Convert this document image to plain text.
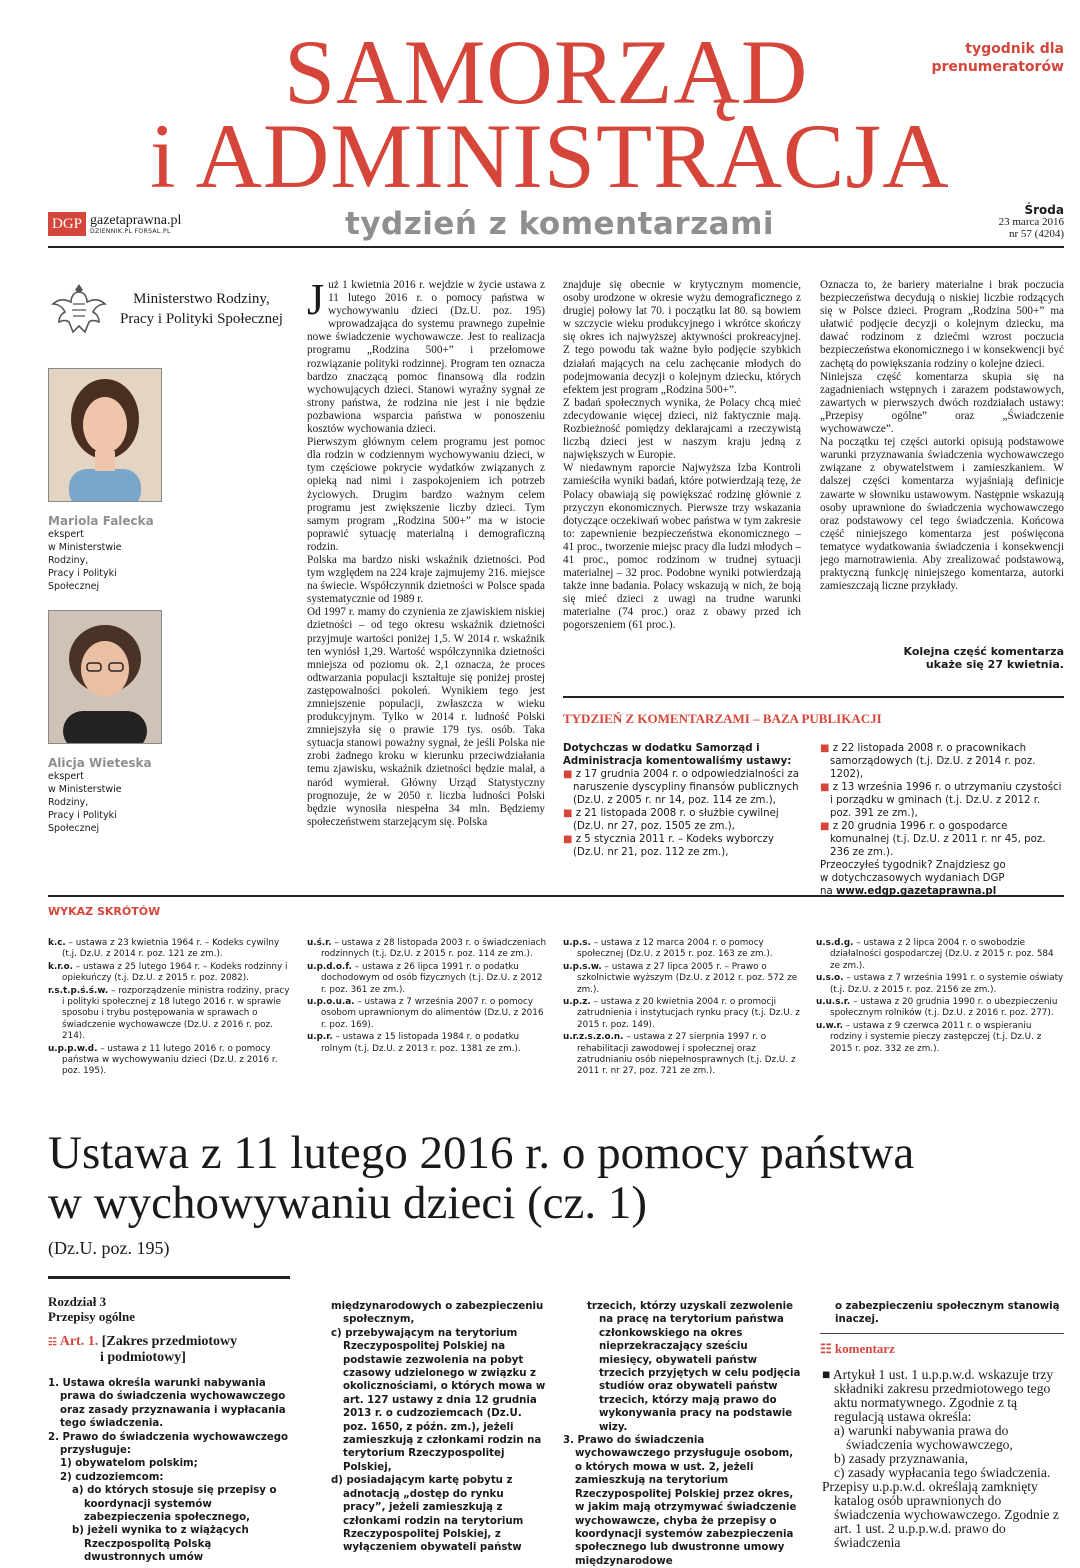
SAMORZĄD
i ADMINISTRACJA
tydzień z komentarzami
tygodnik dla
prenumeratorów
DGP gazetaprawna.pl
DZIENNIK.PL FORSAL.PL
Środa
23 marca 2016
nr 57 (4204)
Ministerstwo Rodziny,
Pracy i Polityki Społecznej
Mariola Falecka
ekspert
w Ministerstwie
Rodziny,
Pracy i Polityki
Społecznej
Alicja Wieteska
ekspert
w Ministerstwie
Rodziny,
Pracy i Polityki
Społecznej

Już 1 kwietnia 2016 r. wejdzie w życie ustawa z 11 lutego 2016 r. o pomocy państwa w wychowywaniu dzieci (Dz.U. poz. 195) wprowadzająca do systemu prawnego zupełnie nowe świadczenie wychowawcze. Jest to realizacja programu „Rodzina 500+” i przełomowe rozwiązanie polityki rodzinnej. Program ten oznacza bardzo znaczącą pomoc finansową dla rodzin wychowujących dzieci. Stanowi wyraźny sygnał ze strony państwa, że rodzina nie jest i nie będzie pozbawiona wsparcia państwa w ponoszeniu kosztów wychowania dzieci.

Pierwszym głównym celem programu jest pomoc dla rodzin w codziennym wychowywaniu dzieci, w tym częściowe pokrycie wydatków związanych z opieką nad nimi i zaspokojeniem ich potrzeb życiowych. Drugim bardzo ważnym celem programu jest zwiększenie liczby dzieci. Tym samym program „Rodzina 500+” ma w istocie poprawić sytuację materialną i demograficzną rodzin.

Polska ma bardzo niski wskaźnik dzietności. Pod tym względem na 224 kraje zajmujemy 216. miejsce na świecie. Współczynnik dzietności w Polsce spada systematycznie od 1989 r.

Od 1997 r. mamy do czynienia ze zjawiskiem niskiej dzietności – od tego okresu wskaźnik dzietności przyjmuje wartości poniżej 1,5. W 2014 r. wskaźnik ten wyniósł 1,29. Wartość współczynnika dzietności mniejsza od poziomu ok. 2,1 oznacza, że proces odtwarzania populacji kształtuje się poniżej prostej zastępowalności pokoleń. Wynikiem tego jest zmniejszenie populacji, zwłaszcza w wieku produkcyjnym. Tylko w 2014 r. ludność Polski zmniejszyła się o prawie 179 tys. osób. Taka sytuacja stanowi poważny sygnał, że jeśli Polska nie zrobi żadnego kroku w kierunku przeciwdziałania temu zjawisku, wskaźnik dzietności będzie malał, a naród wymierał. Główny Urząd Statystyczny prognozuje, że w 2050 r. liczba ludności Polski będzie wynosiła niespełna 34 mln. Będziemy społeczeństwem starzejącym się. Polska

znajduje się obecnie w krytycznym momencie, osoby urodzone w okresie wyżu demograficznego z drugiej połowy lat 70. i początku lat 80. są bowiem w szczycie wieku produkcyjnego i wkrótce skończy się okres ich najwyższej aktywności prokreacyjnej. Z tego powodu tak ważne było podjęcie szybkich działań mających na celu zachęcanie młodych do podejmowania decyzji o kolejnym dziecku, których efektem jest program „Rodzina 500+”.

Z badań społecznych wynika, że Polacy chcą mieć zdecydowanie więcej dzieci, niż faktycznie mają. Rozbieżność pomiędzy deklarajcami a rzeczywistą liczbą dzieci jest w naszym kraju jedną z największych w Europie.

W niedawnym raporcie Najwyższa Izba Kontroli zamieściła wyniki badań, które potwierdzają tezę, że Polacy obawiają się powiększać rodzinę głównie z przyczyn ekonomicznych. Pierwsze trzy wskazania dotyczące oczekiwań wobec państwa w tym zakresie to: zapewnienie bezpieczeństwa ekonomicznego – 41 proc., tworzenie miejsc pracy dla ludzi młodych – 41 proc., pomoc rodzinom w trudnej sytuacji materialnej – 32 proc. Podobne wyniki potwierdzają także inne badania. Polacy wskazują w nich, że boją się mieć dzieci z uwagi na trudne warunki materialne (74 proc.) oraz z obawy przed ich pogorszeniem (61 proc.).

Oznacza to, że bariery materialne i brak poczucia bezpieczeństwa decydują o niskiej liczbie rodzących się w Polsce dzieci. Program „Rodzina 500+” ma ułatwić podjęcie decyzji o kolejnym dziecku, ma dawać rodzinom z dziećmi wzrost poczucia bezpieczeństwa ekonomicznego i w konsekwencji być zachętą do powiększania rodziny o kolejne dzieci.

Niniejsza część komentarza skupia się na zagadnieniach wstępnych i zarazem podstawowych, zawartych w pierwszych dwóch rozdziałach ustawy: „Przepisy ogólne” oraz „Świadczenie wychowawcze”.

Na początku tej części autorki opisują podstawowe warunki przyznawania świadczenia wychowawczego związane z obywatelstwem i zamieszkaniem. W dalszej części komentarza wyjaśniają definicje zawarte w słowniku ustawowym. Następnie wskazują osoby uprawnione do świadczenia wychowawczego oraz podstawowy cel tego świadczenia. Końcowa część niniejszego komentarza jest poświęcona tematyce wydatkowania świadczenia i konsekwencji jego marnotrawienia. Aby zrealizować podstawową, praktyczną funkcję niniejszego komentarza, autorki zamieszczają liczne przykłady.

Kolejna część komentarza
ukaże się 27 kwietnia.
TYDZIEŃ Z KOMENTARZAMI – BAZA PUBLIKACJI
Dotychczas w dodatku Samorząd i Administracja komentowaliśmy ustawy:
■ z 17 grudnia 2004 r. o odpowiedzialności za naruszenie dyscypliny finansów publicznych (Dz.U. z 2005 r. nr 14, poz. 114 ze zm.),
■ z 21 listopada 2008 r. o służbie cywilnej (Dz.U. nr 27, poz. 1505 ze zm.),
■ z 5 stycznia 2011 r. – Kodeks wyborczy (Dz.U. nr 21, poz. 112 ze zm.),
■ z 22 listopada 2008 r. o pracownikach samorządowych (t.j. Dz.U. z 2014 r. poz. 1202),
■ z 13 września 1996 r. o utrzymaniu czystości i porządku w gminach (t.j. Dz.U. z 2012 r. poz. 391 ze zm.),
■ z 20 grudnia 1996 r. o gospodarce komunalnej (t.j. Dz.U. z 2011 r. nr 45, poz. 236 ze zm.).
Przeoczyłeś tygodnik? Znajdziesz go
w dotychczasowych wydaniach DGP
na www.edgp.gazetaprawna.pl
WYKAZ SKRÓTÓW
k.c. – ustawa z 23 kwietnia 1964 r. – Kodeks cywilny (t.j. Dz.U. z 2014 r. poz. 121 ze zm.).
k.r.o. – ustawa z 25 lutego 1964 r. – Kodeks rodzinny i opiekuńczy (t.j. Dz.U. z 2015 r. poz. 2082).
r.s.t.p.ś.ś.w. – rozporządzenie ministra rodziny, pracy i polityki społecznej z 18 lutego 2016 r. w sprawie sposobu i trybu postępowania w sprawach o świadczenie wychowawcze (Dz.U. z 2016 r. poz. 214).
u.p.p.w.d. – ustawa z 11 lutego 2016 r. o pomocy państwa w wychowywaniu dzieci (Dz.U. z 2016 r. poz. 195).
u.ś.r. – ustawa z 28 listopada 2003 r. o świadczeniach rodzinnych (t.j. Dz.U. z 2015 r. poz. 114 ze zm.).
u.p.d.o.f. – ustawa z 26 lipca 1991 r. o podatku dochodowym od osób fizycznych (t.j. Dz.U. z 2012 r. poz. 361 ze zm.).
u.p.o.u.a. – ustawa z 7 września 2007 r. o pomocy osobom uprawnionym do alimentów (Dz.U. z 2016 r. poz. 169).
u.p.r. – ustawa z 15 listopada 1984 r. o podatku rolnym (t.j. Dz.U. z 2013 r. poz. 1381 ze zm.).
u.p.s. – ustawa z 12 marca 2004 r. o pomocy społecznej (Dz.U. z 2015 r. poz. 163 ze zm.).
u.p.s.w. – ustawa z 27 lipca 2005 r. – Prawo o szkolnictwie wyższym (Dz.U. z 2012 r. poz. 572 ze zm.).
u.p.z. – ustawa z 20 kwietnia 2004 r. o promocji zatrudnienia i instytucjach rynku pracy (t.j. Dz.U. z 2015 r. poz. 149).
u.r.z.s.z.o.n. – ustawa z 27 sierpnia 1997 r. o rehabilitacji zawodowej i społecznej oraz zatrudnianiu osób niepełnosprawnych (t.j. Dz.U. z 2011 r. nr 27, poz. 721 ze zm.).
u.s.d.g. – ustawa z 2 lipca 2004 r. o swobodzie działalności gospodarczej (Dz.U. z 2015 r. poz. 584 ze zm.).
u.s.o. – ustawa z 7 września 1991 r. o systemie oświaty (t.j. Dz.U. z 2015 r. poz. 2156 ze zm.).
u.u.s.r. – ustawa z 20 grudnia 1990 r. o ubezpieczeniu społecznym rolników (t.j. Dz.U. z 2016 r. poz. 277).
u.w.r. – ustawa z 9 czerwca 2011 r. o wspieraniu rodziny i systemie pieczy zastępczej (t.j. Dz.U. z 2015 r. poz. 332 ze zm.).
Ustawa z 11 lutego 2016 r. o pomocy państwa
w wychowywaniu dzieci (cz. 1)
(Dz.U. poz. 195)
Rozdział 3
Przepisy ogólne
☷ Art. 1. [Zakres przedmiotowy
i podmiotowy]

1. Ustawa określa warunki nabywania prawa do świadczenia wychowawczego oraz zasady przyznawania i wypłacania tego świadczenia.

2. Prawo do świadczenia wychowawczego przysługuje:

1) obywatelom polskim;

2) cudzoziemcom:

a) do których stosuje się przepisy o koordynacji systemów zabezpieczenia społecznego,

b) jeżeli wynika to z wiążących Rzeczpospolitą Polską dwustronnych umów

międzynarodowych o zabezpieczeniu społecznym,

c) przebywającym na terytorium Rzeczypospolitej Polskiej na podstawie zezwolenia na pobyt czasowy udzielonego w związku z okolicznościami, o których mowa w art. 127 ustawy z dnia 12 grudnia 2013 r. o cudzoziemcach (Dz.U. poz. 1650, z późn. zm.), jeżeli zamieszkują z członkami rodzin na terytorium Rzeczypospolitej Polskiej,

d) posiadającym kartę pobytu z adnotacją „dostęp do rynku pracy”, jeżeli zamieszkują z członkami rodzin na terytorium Rzeczypospolitej Polskiej, z wyłączeniem obywateli państw

trzecich, którzy uzyskali zezwolenie na pracę na terytorium państwa członkowskiego na okres nieprzekraczający sześciu miesięcy, obywateli państw trzecich przyjętych w celu podjęcia studiów oraz obywateli państw trzecich, którzy mają prawo do wykonywania pracy na podstawie wizy.

3. Prawo do świadczenia wychowawczego przysługuje osobom, o których mowa w ust. 2, jeżeli zamieszkują na terytorium Rzeczypospolitej Polskiej przez okres, w jakim mają otrzymywać świadczenie wychowawcze, chyba że przepisy o koordynacji systemów zabezpieczenia społecznego lub dwustronne umowy międzynarodowe

o zabezpieczeniu społecznym stanowią inaczej.

☷ komentarz
■ Artykuł 1 ust. 1 u.p.p.w.d. wskazuje trzy składniki zakresu przedmiotowego tego aktu normatywnego. Zgodnie z tą regulacją ustawa określa:
a) warunki nabywania prawa do świadczenia wychowawczego,
b) zasady przyznawania,
c) zasady wypłacania tego świadczenia.
Przepisy u.p.p.w.d. określają zamknięty katalog osób uprawnionych do świadczenia wychowawczego. Zgodnie z art. 1 ust. 2 u.p.p.w.d. prawo do świadczenia
